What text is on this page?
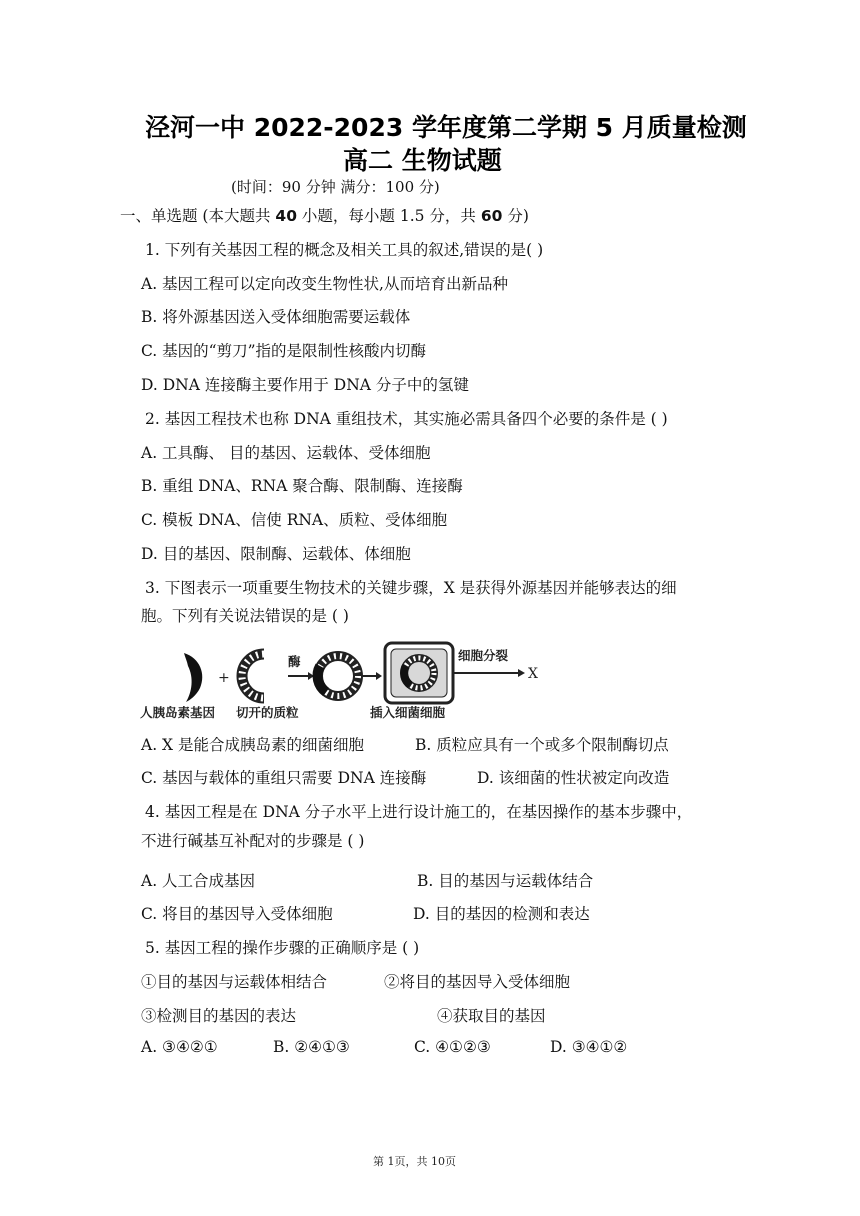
泾河一中 2022-2023 学年度第二学期 5 月质量检测
高二 生物试题
(时间：90 分钟 满分：100 分)
一、单选题 (本大题共 40 小题，每小题 1.5 分，共 60 分)
1. 下列有关基因工程的概念及相关工具的叙述,错误的是( )
A. 基因工程可以定向改变生物性状,从而培育出新品种
B. 将外源基因送入受体细胞需要运载体
C. 基因的“剪刀”指的是限制性核酸内切酶
D. DNA 连接酶主要作用于 DNA 分子中的氢键
2. 基因工程技术也称 DNA 重组技术，其实施必需具备四个必要的条件是 ( )
A. 工具酶、 目的基因、运载体、受体细胞
B. 重组 DNA、RNA 聚合酶、限制酶、连接酶
C. 模板 DNA、信使 RNA、质粒、受体细胞
D. 目的基因、限制酶、运载体、体细胞
3. 下图表示一项重要生物技术的关键步骤，X 是获得外源基因并能够表达的细
胞。下列有关说法错误的是 ( )
+
酶	细胞分裂
X
人胰岛素基因 切开的质粒	插入细菌细胞
A. X 是能合成胰岛素的细菌细胞	B. 质粒应具有一个或多个限制酶切点
C. 基因与载体的重组只需要 DNA 连接酶	D. 该细菌的性状被定向改造
4. 基因工程是在 DNA 分子水平上进行设计施工的，在基因操作的基本步骤中，
不进行碱基互补配对的步骤是 ( )
A. 人工合成基因	B. 目的基因与运载体结合
C. 将目的基因导入受体细胞	D. 目的基因的检测和表达
5. 基因工程的操作步骤的正确顺序是 ( )
①目的基因与运载体相结合	②将目的基因导入受体细胞
③检测目的基因的表达	④获取目的基因
A. ③④②①	B. ②④①③	C. ④①②③	D. ③④①②
第 1页，共 10页
